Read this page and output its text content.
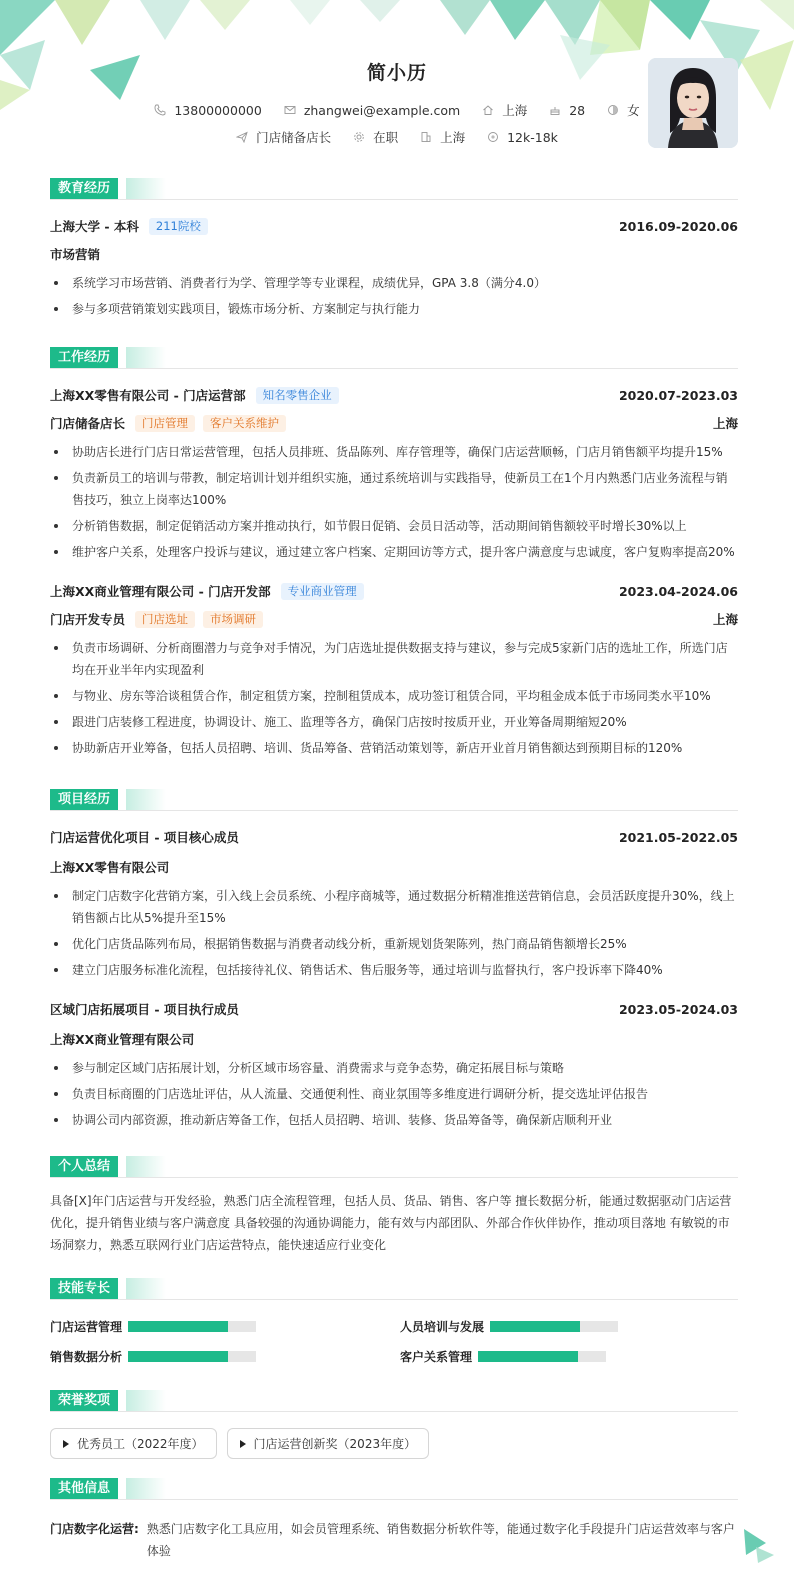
简小历
13800000000	zhangwei@example.com	上海	28	女
门店储备店长	在职	上海	12k-18k
教育经历
上海大学 - 本科	211院校	2016.09-2020.06
市场营销
系统学习市场营销、消费者行为学、管理学等专业课程，成绩优异，GPA 3.8（满分4.0）
参与多项营销策划实践项目，锻炼市场分析、方案制定与执行能力
工作经历
上海XX零售有限公司 - 门店运营部	知名零售企业	2020.07-2023.03
门店储备店长	门店管理	客户关系维护	上海
协助店长进行门店日常运营管理，包括人员排班、货品陈列、库存管理等，确保门店运营顺畅，门店月销售额平均提升15%
负责新员工的培训与带教，制定培训计划并组织实施，通过系统培训与实践指导，使新员工在1个月内熟悉门店业务流程与销售技巧，独立上岗率达100%
分析销售数据，制定促销活动方案并推动执行，如节假日促销、会员日活动等，活动期间销售额较平时增长30%以上
维护客户关系，处理客户投诉与建议，通过建立客户档案、定期回访等方式，提升客户满意度与忠诚度，客户复购率提高20%
上海XX商业管理有限公司 - 门店开发部	专业商业管理	2023.04-2024.06
门店开发专员	门店选址	市场调研	上海
负责市场调研、分析商圈潜力与竞争对手情况，为门店选址提供数据支持与建议，参与完成5家新门店的选址工作，所选门店均在开业半年内实现盈利
与物业、房东等洽谈租赁合作，制定租赁方案，控制租赁成本，成功签订租赁合同，平均租金成本低于市场同类水平10%
跟进门店装修工程进度，协调设计、施工、监理等各方，确保门店按时按质开业，开业筹备周期缩短20%
协助新店开业筹备，包括人员招聘、培训、货品筹备、营销活动策划等，新店开业首月销售额达到预期目标的120%
项目经历
门店运营优化项目 - 项目核心成员	2021.05-2022.05
上海XX零售有限公司
制定门店数字化营销方案，引入线上会员系统、小程序商城等，通过数据分析精准推送营销信息，会员活跃度提升30%，线上销售额占比从5%提升至15%
优化门店货品陈列布局，根据销售数据与消费者动线分析，重新规划货架陈列，热门商品销售额增长25%
建立门店服务标准化流程，包括接待礼仪、销售话术、售后服务等，通过培训与监督执行，客户投诉率下降40%
区域门店拓展项目 - 项目执行成员	2023.05-2024.03
上海XX商业管理有限公司
参与制定区域门店拓展计划，分析区域市场容量、消费需求与竞争态势，确定拓展目标与策略
负责目标商圈的门店选址评估，从人流量、交通便利性、商业氛围等多维度进行调研分析，提交选址评估报告
协调公司内部资源，推动新店筹备工作，包括人员招聘、培训、装修、货品筹备等，确保新店顺利开业
个人总结
具备[X]年门店运营与开发经验，熟悉门店全流程管理，包括人员、货品、销售、客户等 擅长数据分析，能通过数据驱动门店运营优化，提升销售业绩与客户满意度 具备较强的沟通协调能力，能有效与内部团队、外部合作伙伴协作，推动项目落地 有敏锐的市场洞察力，熟悉互联网行业门店运营特点，能快速适应行业变化
技能专长
门店运营管理	人员培训与发展
销售数据分析	客户关系管理
荣誉奖项
优秀员工（2022年度）	门店运营创新奖（2023年度）
其他信息
门店数字化运营: 熟悉门店数字化工具应用，如会员管理系统、销售数据分析软件等，能通过数字化手段提升门店运营效率与客户体验
